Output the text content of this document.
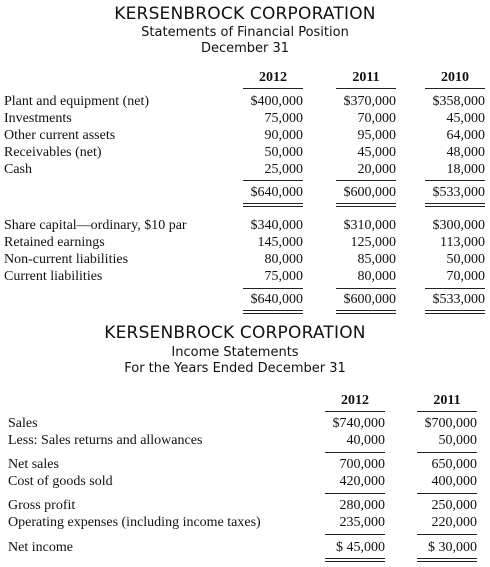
KERSENBROCK CORPORATION
Statements of Financial Position
December 31
2012	2011	2010
Plant and equipment (net)	$400,000	$370,000	$358,000
Investments	75,000	70,000	45,000
Other current assets	90,000	95,000	64,000
Receivables (net)	50,000	45,000	48,000
Cash	25,000	20,000	18,000
$640,000	$600,000	$533,000
Share capital—ordinary, $10 par	$340,000	$310,000	$300,000
Retained earnings	145,000	125,000	113,000
Non-current liabilities	80,000	85,000	50,000
Current liabilities	75,000	80,000	70,000
$640,000	$600,000	$533,000
KERSENBROCK CORPORATION
Income Statements
For the Years Ended December 31
2012	2011
Sales	$740,000	$700,000
Less: Sales returns and allowances	40,000	50,000
Net sales	700,000	650,000
Cost of goods sold	420,000	400,000
Gross profit	280,000	250,000
Operating expenses (including income taxes)	235,000	220,000
Net income	$ 45,000	$ 30,000
